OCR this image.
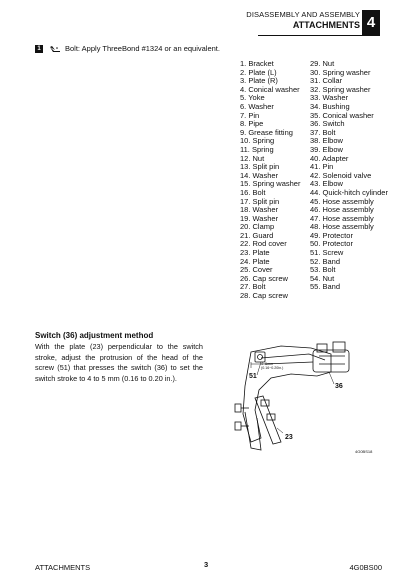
DISASSEMBLY AND ASSEMBLY
ATTACHMENTS 4
1	Bolt: Apply ThreeBond #1324 or an equivalent.
1. Bracket
2. Plate (L)
3. Plate (R)
4. Conical washer
5. Yoke
6. Washer
7. Pin
8. Pipe
9. Grease fitting
10. Spring
11. Spring
12. Nut
13. Split pin
14. Washer
15. Spring washer
16. Bolt
17. Split pin
18. Washer
19. Washer
20. Clamp
21. Guard
22. Rod cover
23. Plate
24. Plate
25. Cover
26. Cap screw
27. Bolt
28. Cap screw
29. Nut
30. Spring washer
31. Collar
32. Spring washer
33. Washer
34. Bushing
35. Conical washer
36. Switch
37. Bolt
38. Elbow
39. Elbow
40. Adapter
41. Pin
42. Solenoid valve
43. Elbow
44. Quick-hitch cylinder
45. Hose assembly
46. Hose assembly
47. Hose assembly
48. Hose assembly
49. Protector
50. Protector
51. Screw
52. Band
53. Bolt
54. Nut
55. Band
Switch (36) adjustment method
With the plate (23) perpendicular to the switch stroke, adjust the protrusion of the head of the screw (51) that presses the switch (36) to set the switch stroke to 4 to 5 mm (0.16 to 0.20 in.).
4~5mm
(0.16~0.20in.)
51
36
23
4G0BS18
ATTACHMENTS	3	4G0BS00
